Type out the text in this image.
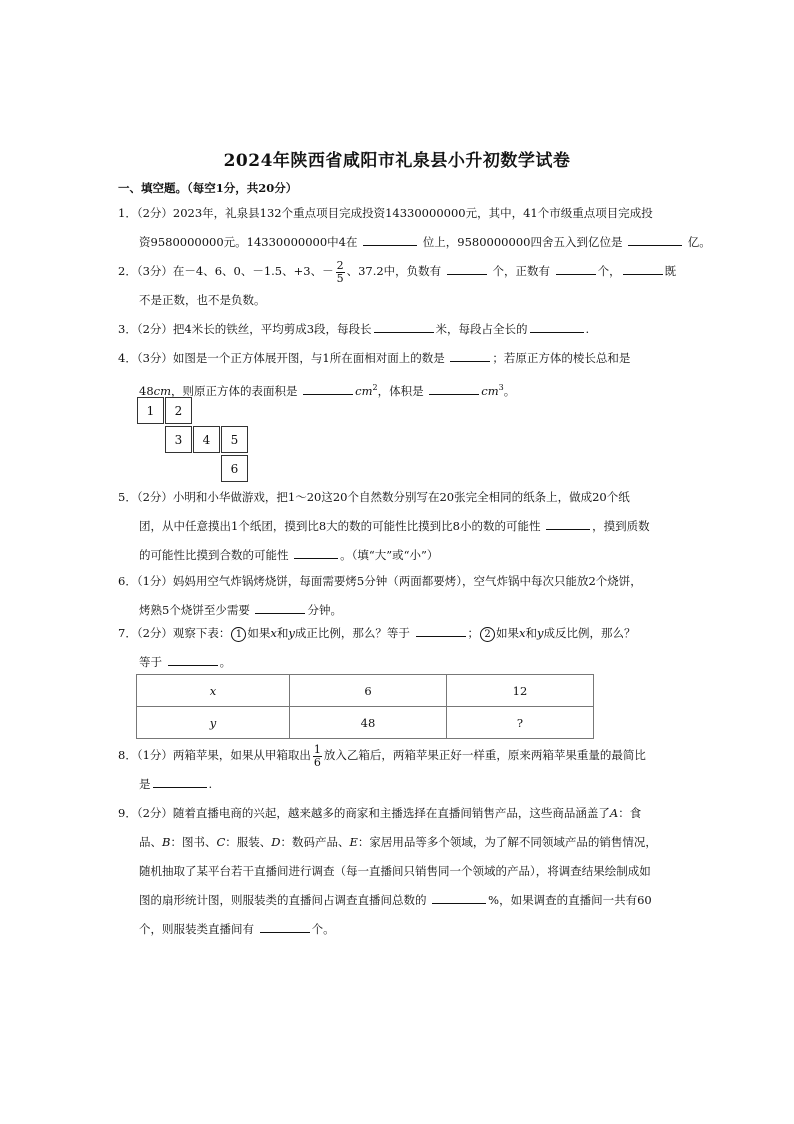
2024年陕西省咸阳市礼泉县小升初数学试卷
一、填空题。（每空1分，共20分）
1．（2分）2023年，礼泉县132个重点项目完成投资14330000000元，其中，41个市级重点项目完成投
资9580000000元。14330000000中4在	位上，9580000000四舍五入到亿位是	亿。
2．（3分）在－4、6、0、－1.5、+3、－ $\frac{2}{5}$ 、37.2中，负数有	个，正数有	个，	既
不是正数，也不是负数。
3．（2分）把4米长的铁丝，平均剪成3段，每段长	米，每段占全长的	.
4．（3分）如图是一个正方体展开图，与1所在面相对面上的数是	；若原正方体的棱长总和是
48cm，则原正方体的表面积是	$cm^2$，体积是	$cm^3$。
1	2
3	4	5
6
5．（2分）小明和小华做游戏，把1～20这20个自然数分别写在20张完全相同的纸条上，做成20个纸
团，从中任意摸出1个纸团，摸到比8大的数的可能性比摸到比8小的数的可能性	，摸到质数
的可能性比摸到合数的可能性	。（填“大”或“小”）
6．（1分）妈妈用空气炸锅烤烧饼，每面需要烤5分钟（两面都要烤），空气炸锅中每次只能放2个烧饼，
烤熟5个烧饼至少需要	分钟。
7．（2分）观察下表： 1 如果x和y成正比例，那么？等于	； 2 如果x和y成反比例，那么？
等于	。
x	6	12
y	48	?
8．（1分）两箱苹果，如果从甲箱取出 $\frac{1}{6}$ 放入乙箱后，两箱苹果正好一样重，原来两箱苹果重量的最简比
是	.
9．（2分）随着直播电商的兴起，越来越多的商家和主播选择在直播间销售产品，这些商品涵盖了A：食
品、B：图书、C：服装、D：数码产品、E：家居用品等多个领域，为了解不同领域产品的销售情况，
随机抽取了某平台若干直播间进行调查（每一直播间只销售同一个领域的产品），将调查结果绘制成如
图的扇形统计图，则服装类的直播间占调查直播间总数的	%，如果调查的直播间一共有60
个，则服装类直播间有	个。
